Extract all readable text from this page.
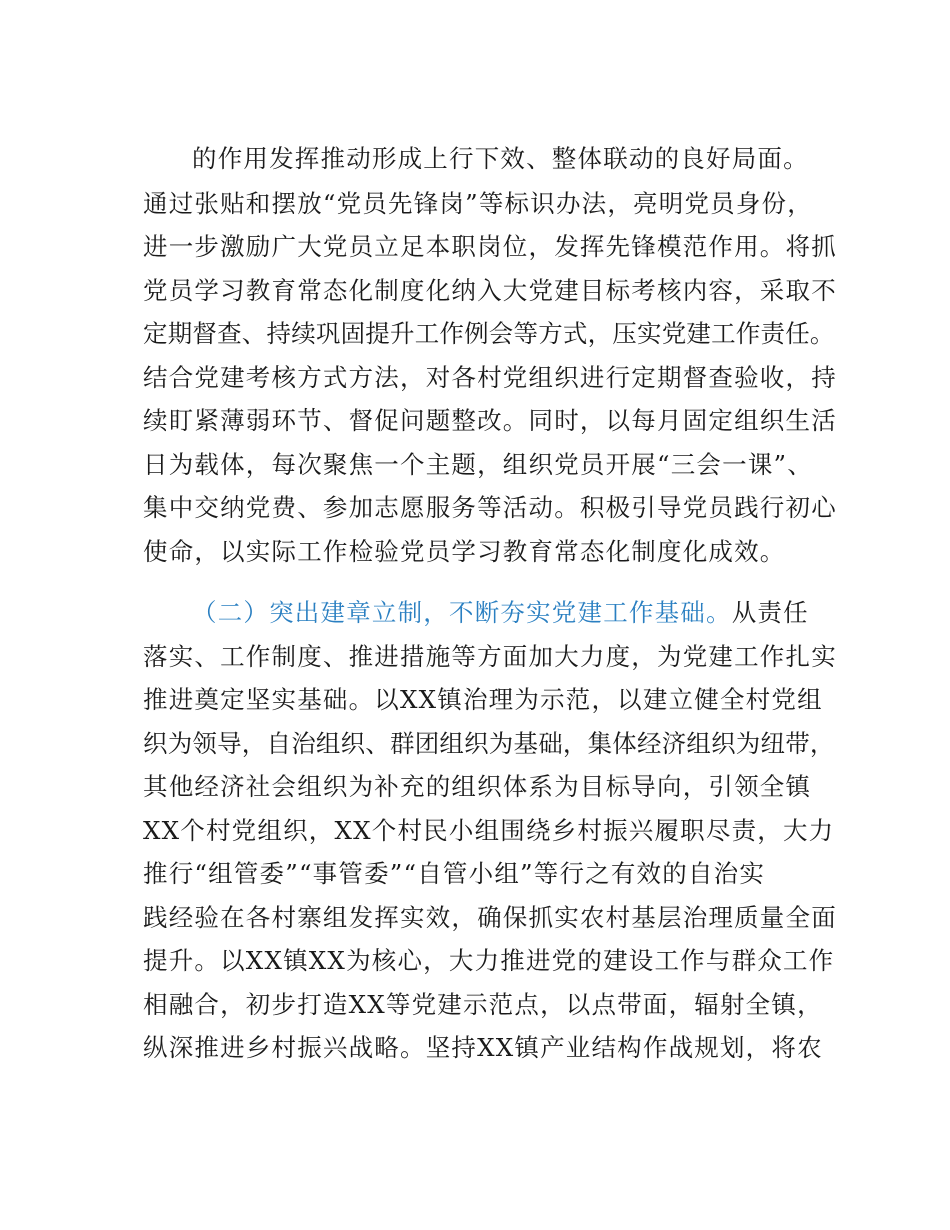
的作用发挥推动形成上行下效、整体联动的良好局面。
通过张贴和摆放“党员先锋岗”等标识办法，亮明党员身份，
进一步激励广大党员立足本职岗位，发挥先锋模范作用。将抓
党员学习教育常态化制度化纳入大党建目标考核内容，采取不
定期督查、持续巩固提升工作例会等方式，压实党建工作责任。
结合党建考核方式方法，对各村党组织进行定期督查验收，持
续盯紧薄弱环节、督促问题整改。同时，以每月固定组织生活
日为载体，每次聚焦一个主题，组织党员开展“三会一课”、
集中交纳党费、参加志愿服务等活动。积极引导党员践行初心
使命，以实际工作检验党员学习教育常态化制度化成效。
（二）突出建章立制，不断夯实党建工作基础。从责任
落实、工作制度、推进措施等方面加大力度，为党建工作扎实
推进奠定坚实基础。以XX镇治理为示范，以建立健全村党组
织为领导，自治组织、群团组织为基础，集体经济组织为纽带，
其他经济社会组织为补充的组织体系为目标导向，引领全镇
XX个村党组织，XX个村民小组围绕乡村振兴履职尽责，大力
推行“组管委”“事管委”“自管小组”等行之有效的自治实
践经验在各村寨组发挥实效，确保抓实农村基层治理质量全面
提升。以XX镇XX为核心，大力推进党的建设工作与群众工作
相融合，初步打造XX等党建示范点，以点带面，辐射全镇，
纵深推进乡村振兴战略。坚持XX镇产业结构作战规划，将农
